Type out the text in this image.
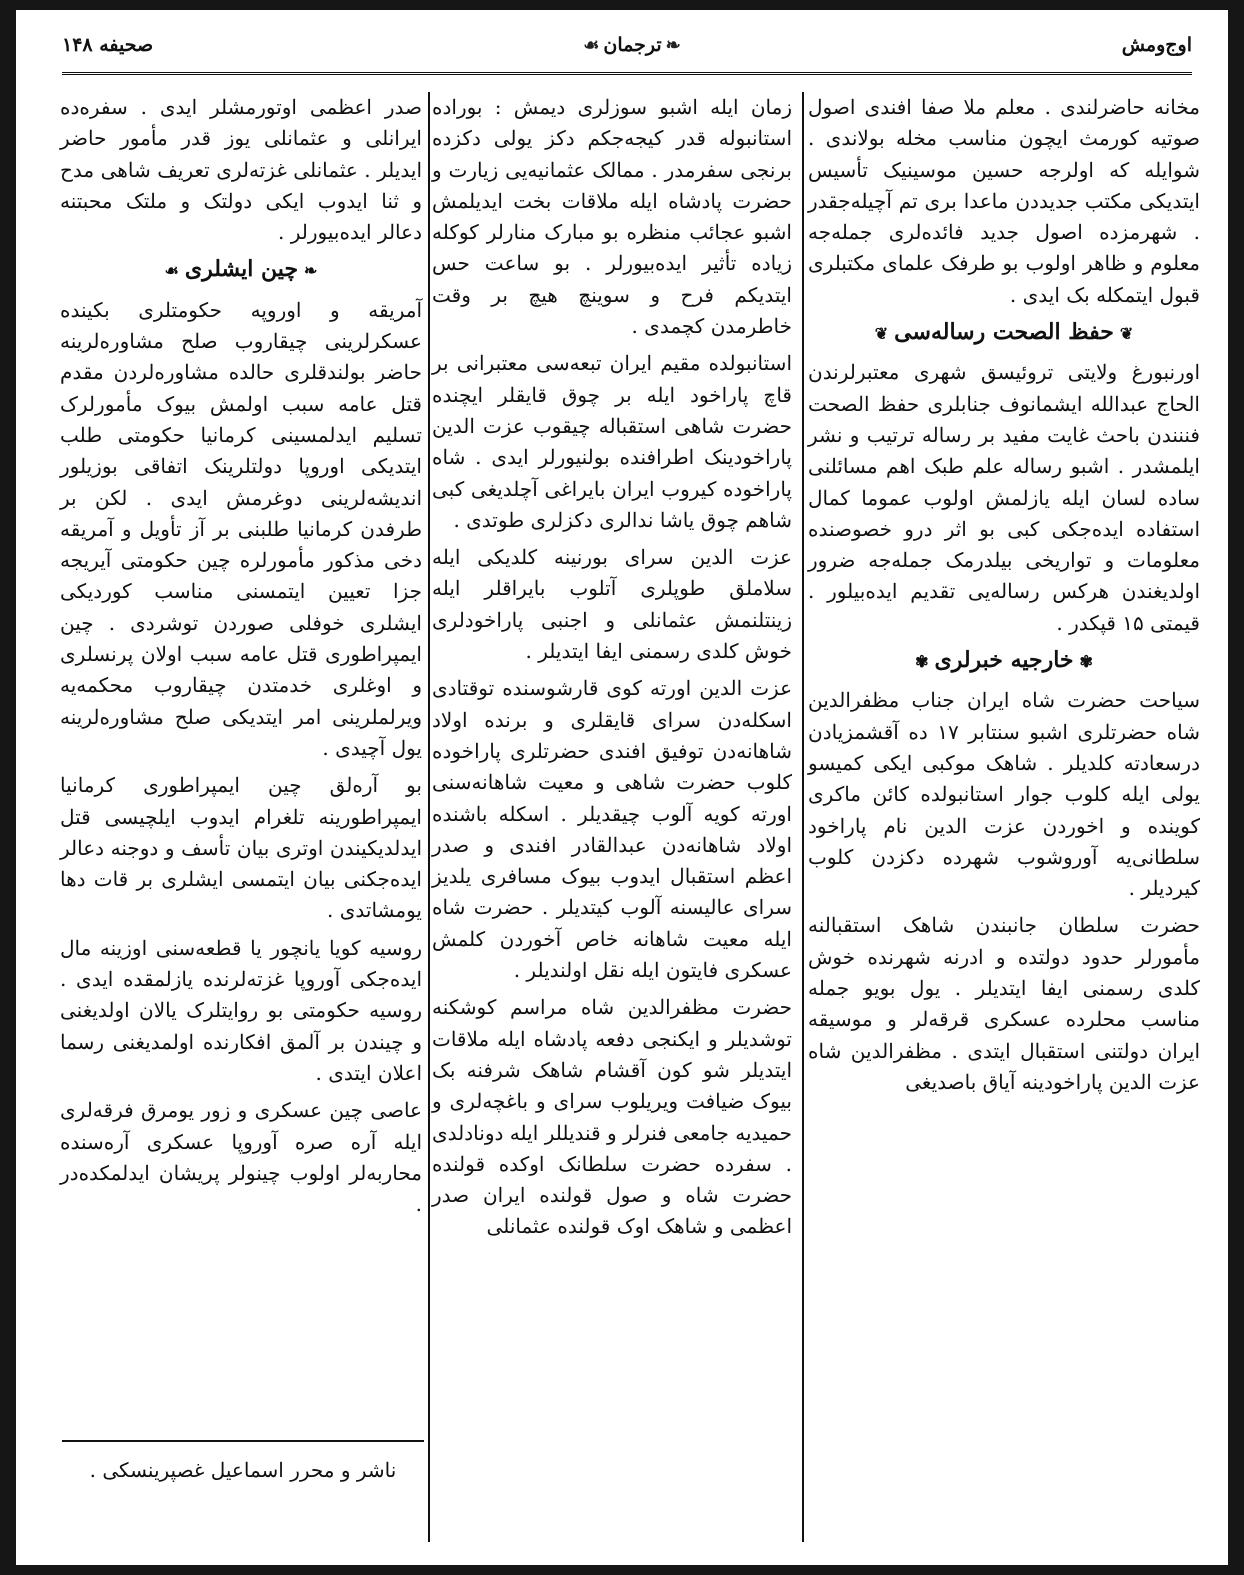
اوج‌ومش
❧ترجمان☙
صحیفه ۱۴۸

مخانه حاضرلندی . معلم ملا صفا افندی اصول صوتیه کورمث ایچون مناسب مخله بولاندی . شوایله که اولرجه حسین موسینیک تأسیس ایتدیکی مکتب جدیددن ماعدا بری تم آچیله‌جقدر . شهرمزده اصول جدید فائده‌لری جمله‌جه معلوم و ظاهر اولوب بو طرفک علمای مکتبلری قبول ایتمکله بک ایدی .

❦حفظ الصحت رساله‌سی❦

اورنبورغ ولایتی تروئیسق شهری معتبرلرندن الحاج عبدالله ایشمانوف جنابلری حفظ الصحت فننندن باحث غایت مفید بر رساله ترتیب و نشر ایلمشدر . اشبو رساله علم طبک اهم مسائلنی ساده لسان ایله یازلمش اولوب عموما کمال استفاده ایده‌جکی کبی بو اثر درو خصوصنده معلومات و تواریخی بیلدرمک جمله‌جه ضرور اولدیغندن هرکس رساله‌یی تقدیم ایده‌بیلور . قیمتی ۱۵ قپکدر .

✾خارجیه خبرلری✾

سیاحت حضرت شاه ایران جناب مظفرالدین شاه حضرتلری اشبو سنتابر ۱۷ ده آقشمزیادن درسعادته کلدیلر . شاهک موکبی ایکی کمیسو یولی ایله کلوب جوار استانبولده کائن ماکری کوینده و اخوردن عزت الدین نام پاراخود سلطانی‌یه آوروشوب شهرده دکزدن کلوب کیردیلر .

حضرت سلطان جانبندن شاهک استقبالنه مأمورلر حدود دولتده و ادرنه شهرنده خوش کلدی رسمنی ایفا ایتدیلر . یول بویو جمله مناسب محلرده عسکری قرقه‌لر و موسیقه ایران دولتنی استقبال ایتدی . مظفرالدین شاه عزت الدین پاراخودینه آیاق باصدیغی

زمان ایله اشبو سوزلری دیمش : بوراده استانبوله قدر کیجه‌جکم دکز یولی دکزده برنجی سفرمدر . ممالک عثمانیه‌یی زیارت و حضرت پادشاه ایله ملاقات بخت ایدیلمش اشبو عجائب منظره بو مبارک منارلر کوکله زیاده تأثیر ایده‌بیورلر . بو ساعت حس ایتدیکم فرح و سوینچ هیچ بر وقت خاطرمدن کچمدی .

استانبولده مقیم ایران تبعه‌سی معتبرانی بر قاچ پاراخود ایله بر چوق قایقلر ایچنده حضرت شاهی استقباله چیقوب عزت الدین پاراخودینک اطرافنده بولنیورلر ایدی . شاه پاراخوده کیروب ایران بایراغی آچلدیغی کبی شاهم چوق یاشا ندالری دکزلری طوتدی .

عزت الدین سرای بورنینه کلدیکی ایله سلاملق طوپلری آتلوب بایراقلر ایله زینتلنمش عثمانلی و اجنبی پاراخودلری خوش کلدی رسمنی ایفا ایتدیلر .

عزت الدین اورته کوی قارشوسنده توقتادی اسکله‌دن سرای قایقلری و برنده اولاد شاهانه‌دن توفیق افندی حضرتلری پاراخوده کلوب حضرت شاهی و معیت شاهانه‌سنی اورته کویه آلوب چیقدیلر . اسکله باشنده اولاد شاهانه‌دن عبدالقادر افندی و صدر اعظم استقبال ایدوب بیوک مسافری یلدیز سرای عالیسنه آلوب کیتدیلر . حضرت شاه ایله معیت شاهانه خاص آخوردن کلمش عسکری فایتون ایله نقل اولندیلر .

حضرت مظفرالدین شاه مراسم کوشکنه توشدیلر و ایکنجی دفعه پادشاه ایله ملاقات ایتدیلر شو کون آقشام شاهک شرفنه بک بیوک ضیافت ویریلوب سرای و باغچه‌لری و حمیدیه جامعی فنرلر و قندیللر ایله دونادلدی . سفرده حضرت سلطانک اوکده قولنده حضرت شاه و صول قولنده ایران صدر اعظمی و شاهک اوک قولنده عثمانلی

صدر اعظمی اوتورمشلر ایدی . سفره‌ده ایرانلی و عثمانلی یوز قدر مأمور حاضر ایدیلر . عثمانلی غزته‌لری تعریف شاهی مدح و ثنا ایدوب ایکی دولتک و ملتک محبتنه دعالر ایده‌بیورلر .

❧چین ایشلری☙

آمریقه و اوروپه حکومتلری بکینده عسکرلرینی چیقاروب صلح مشاوره‌لرینه حاضر بولندقلری حالده مشاوره‌لردن مقدم قتل عامه سبب اولمش بیوک مأمورلرک تسلیم ایدلمسینی کرمانیا حکومتی طلب ایتدیکی اوروپا دولتلرینک اتفاقی بوزیلور اندیشه‌لرینی دوغرمش ایدی . لکن بر طرفدن کرمانیا طلبنی بر آز تأویل و آمریقه دخی مذکور مأمورلره چین حکومتی آیریجه جزا تعیین ایتمسنی مناسب کوردیکی ایشلری خوفلی صوردن توشردی . چین ایمپراطوری قتل عامه سبب اولان پرنسلری و اوغلری خدمتدن چیقاروب محکمه‌یه ویرلملرینی امر ایتدیکی صلح مشاوره‌لرینه یول آچیدی .

بو آره‌لق چین ایمپراطوری کرمانیا ایمپراطورینه تلغرام ایدوب ایلچیسی قتل ایدلدیکیندن اوتری بیان تأسف و دوجنه دعالر ایده‌جکنی بیان ایتمسی ایشلری بر قات دها یومشاتدی .

روسیه کویا یانچور یا قطعه‌سنی اوزینه مال ایده‌جکی آوروپا غزته‌لرنده یازلمقده ایدی . روسیه حکومتی بو روایتلرک یالان اولدیغنی و چیندن بر آلمق افکارنده اولمدیغنی رسما اعلان ایتدی .

عاصی چین عسکری و زور یومرق فرقه‌لری ایله آره صره آوروپا عسکری آره‌سنده محاربه‌لر اولوب چینولر پریشان ایدلمکده‌در .

ناشر و محرر اسماعیل غصپرینسکی .
